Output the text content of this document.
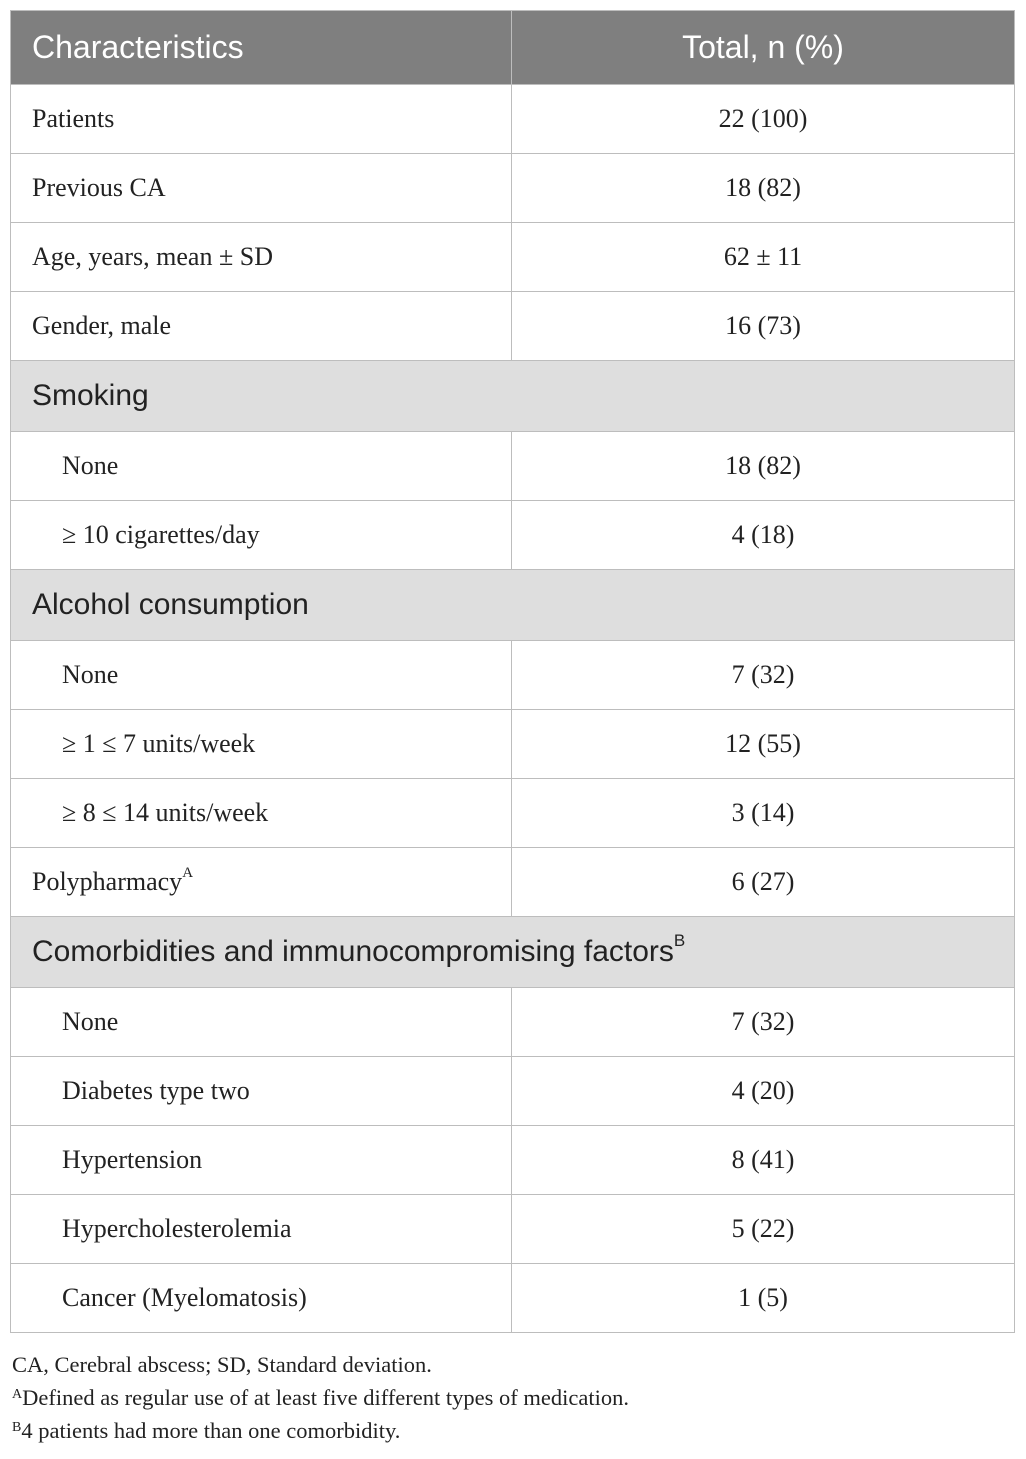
Characteristics	Total, n (%)
Patients	22 (100)
Previous CA	18 (82)
Age, years, mean ± SD	62 ± 11
Gender, male	16 (73)
Smoking	
None	18 (82)
≥ 10 cigarettes/day	4 (18)
Alcohol consumption	
None	7 (32)
≥ 1 ≤ 7 units/week	12 (55)
≥ 8 ≤ 14 units/week	3 (14)
Polypharmacy$^A$	6 (27)
Comorbidities and immunocompromising factors$^B$
None	7 (32)
Diabetes type two	4 (20)
Hypertension	8 (41)
Hypercholesterolemia	5 (22)
Cancer (Myelomatosis)	1 (5)

CA, Cerebral abscess; SD, Standard deviation.

$^A$Defined as regular use of at least five different types of medication.

$^B$4 patients had more than one comorbidity.
